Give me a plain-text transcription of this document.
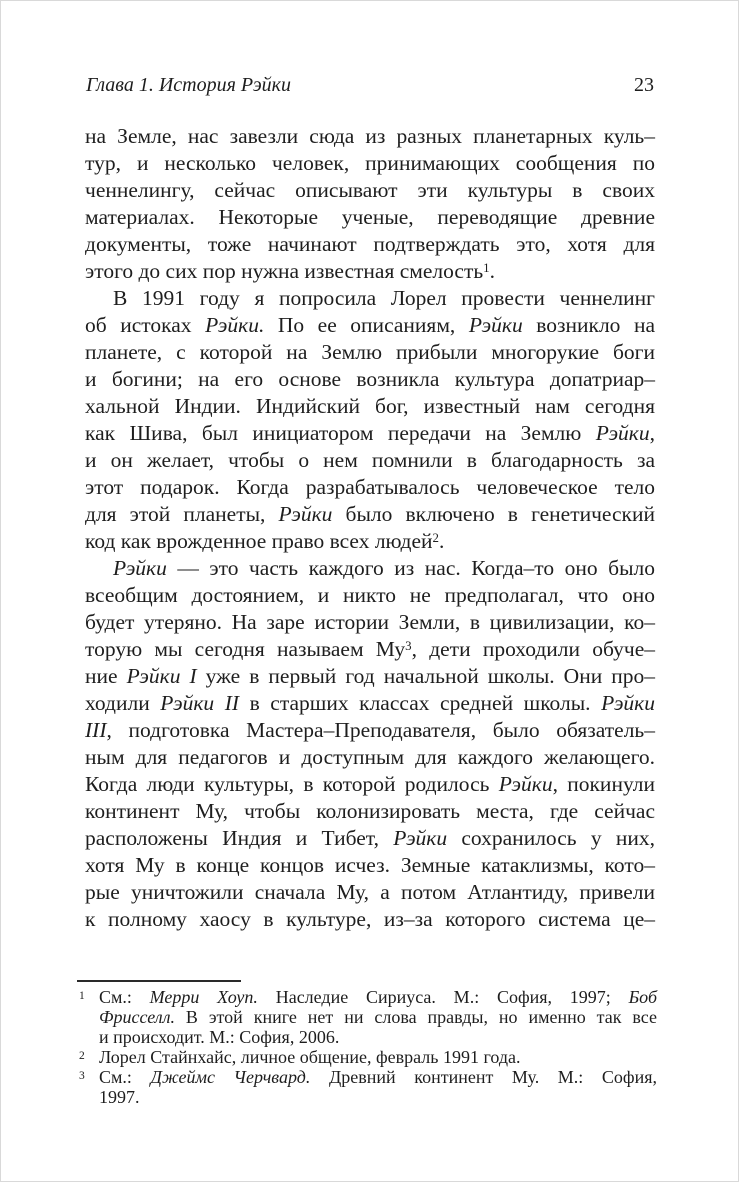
Глава 1. История Рэйки	23
на Земле, нас завезли сюда из разных планетарных куль–
тур, и несколько человек, принимающих сообщения по
ченнелингу, сейчас описывают эти культуры в своих
материалах. Некоторые ученые, переводящие древние
документы, тоже начинают подтверждать это, хотя для
этого до сих пор нужна известная смелость$^1$.
В 1991 году я попросила Лорел провести ченнелинг
об истоках Рэйки. По ее описаниям, Рэйки возникло на
планете, с которой на Землю прибыли многорукие боги
и богини; на его основе возникла культура допатриар–
хальной Индии. Индийский бог, известный нам сегодня
как Шива, был инициатором передачи на Землю Рэйки,
и он желает, чтобы о нем помнили в благодарность за
этот подарок. Когда разрабатывалось человеческое тело
для этой планеты, Рэйки было включено в генетический
код как врожденное право всех людей$^2$.
Рэйки — это часть каждого из нас. Когда–то оно было
всеобщим достоянием, и никто не предполагал, что оно
будет утеряно. На заре истории Земли, в цивилизации, ко–
торую мы сегодня называем $Му^3$, дети проходили обуче–
ние Рэйки I уже в первый год начальной школы. Они про–
ходили Рэйки II в старших классах средней школы. Рэйки
III, подготовка Мастера–Преподавателя, было обязатель–
ным для педагогов и доступным для каждого желающего.
Когда люди культуры, в которой родилось Рэйки, покинули
континент Му, чтобы колонизировать места, где сейчас
расположены Индия и Тибет, Рэйки сохранилось у них,
хотя Му в конце концов исчез. Земные катаклизмы, кото–
рые уничтожили сначала Му, а потом Атлантиду, привели
к полному хаосу в культуре, из–за которого система це–
1 См.: Мерри Хоуп. Наследие Сириуса. М.: София, 1997; Боб
Фрисселл. В этой книге нет ни слова правды, но именно так все
и происходит. М.: София, 2006.
2 Лорел Стайнхайс, личное общение, февраль 1991 года.
3 См.: Джеймс Черчвард. Древний континент Му. М.: София,
1997.
